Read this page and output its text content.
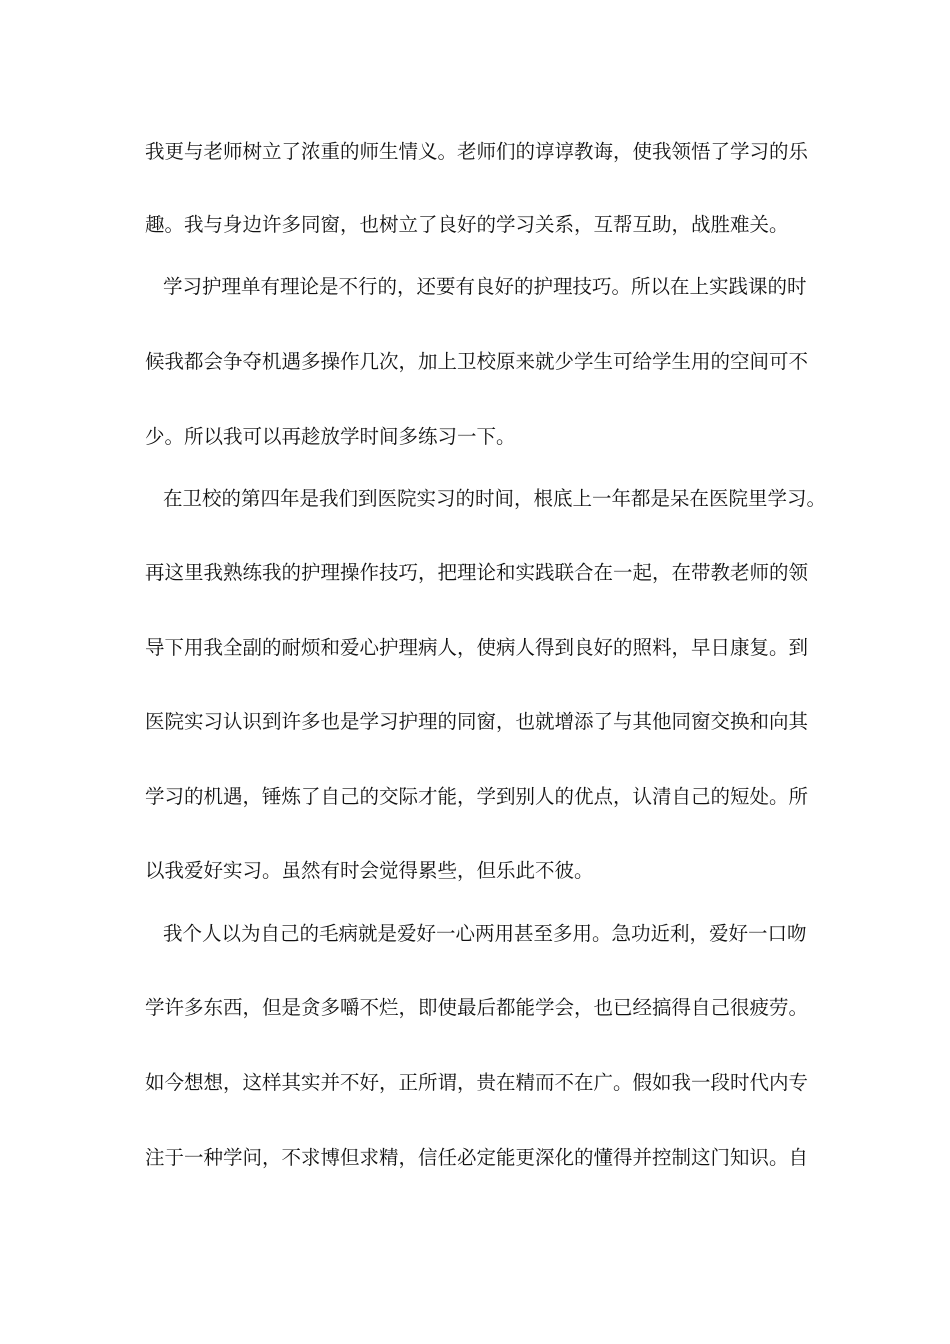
我更与老师树立了浓重的师生情义。老师们的谆谆教诲，使我领悟了学习的乐
趣。我与身边许多同窗，也树立了良好的学习关系，互帮互助，战胜难关。
学习护理单有理论是不行的，还要有良好的护理技巧。所以在上实践课的时
候我都会争夺机遇多操作几次，加上卫校原来就少学生可给学生用的空间可不
少。所以我可以再趁放学时间多练习一下。
在卫校的第四年是我们到医院实习的时间，根底上一年都是呆在医院里学习。
再这里我熟练我的护理操作技巧，把理论和实践联合在一起，在带教老师的领
导下用我全副的耐烦和爱心护理病人，使病人得到良好的照料，早日康复。到
医院实习认识到许多也是学习护理的同窗，也就增添了与其他同窗交换和向其
学习的机遇，锤炼了自己的交际才能，学到别人的优点，认清自己的短处。所
以我爱好实习。虽然有时会觉得累些，但乐此不彼。
我个人以为自己的毛病就是爱好一心两用甚至多用。急功近利，爱好一口吻
学许多东西，但是贪多嚼不烂，即使最后都能学会，也已经搞得自己很疲劳。
如今想想，这样其实并不好，正所谓，贵在精而不在广。假如我一段时代内专
注于一种学问，不求博但求精，信任必定能更深化的懂得并控制这门知识。自
